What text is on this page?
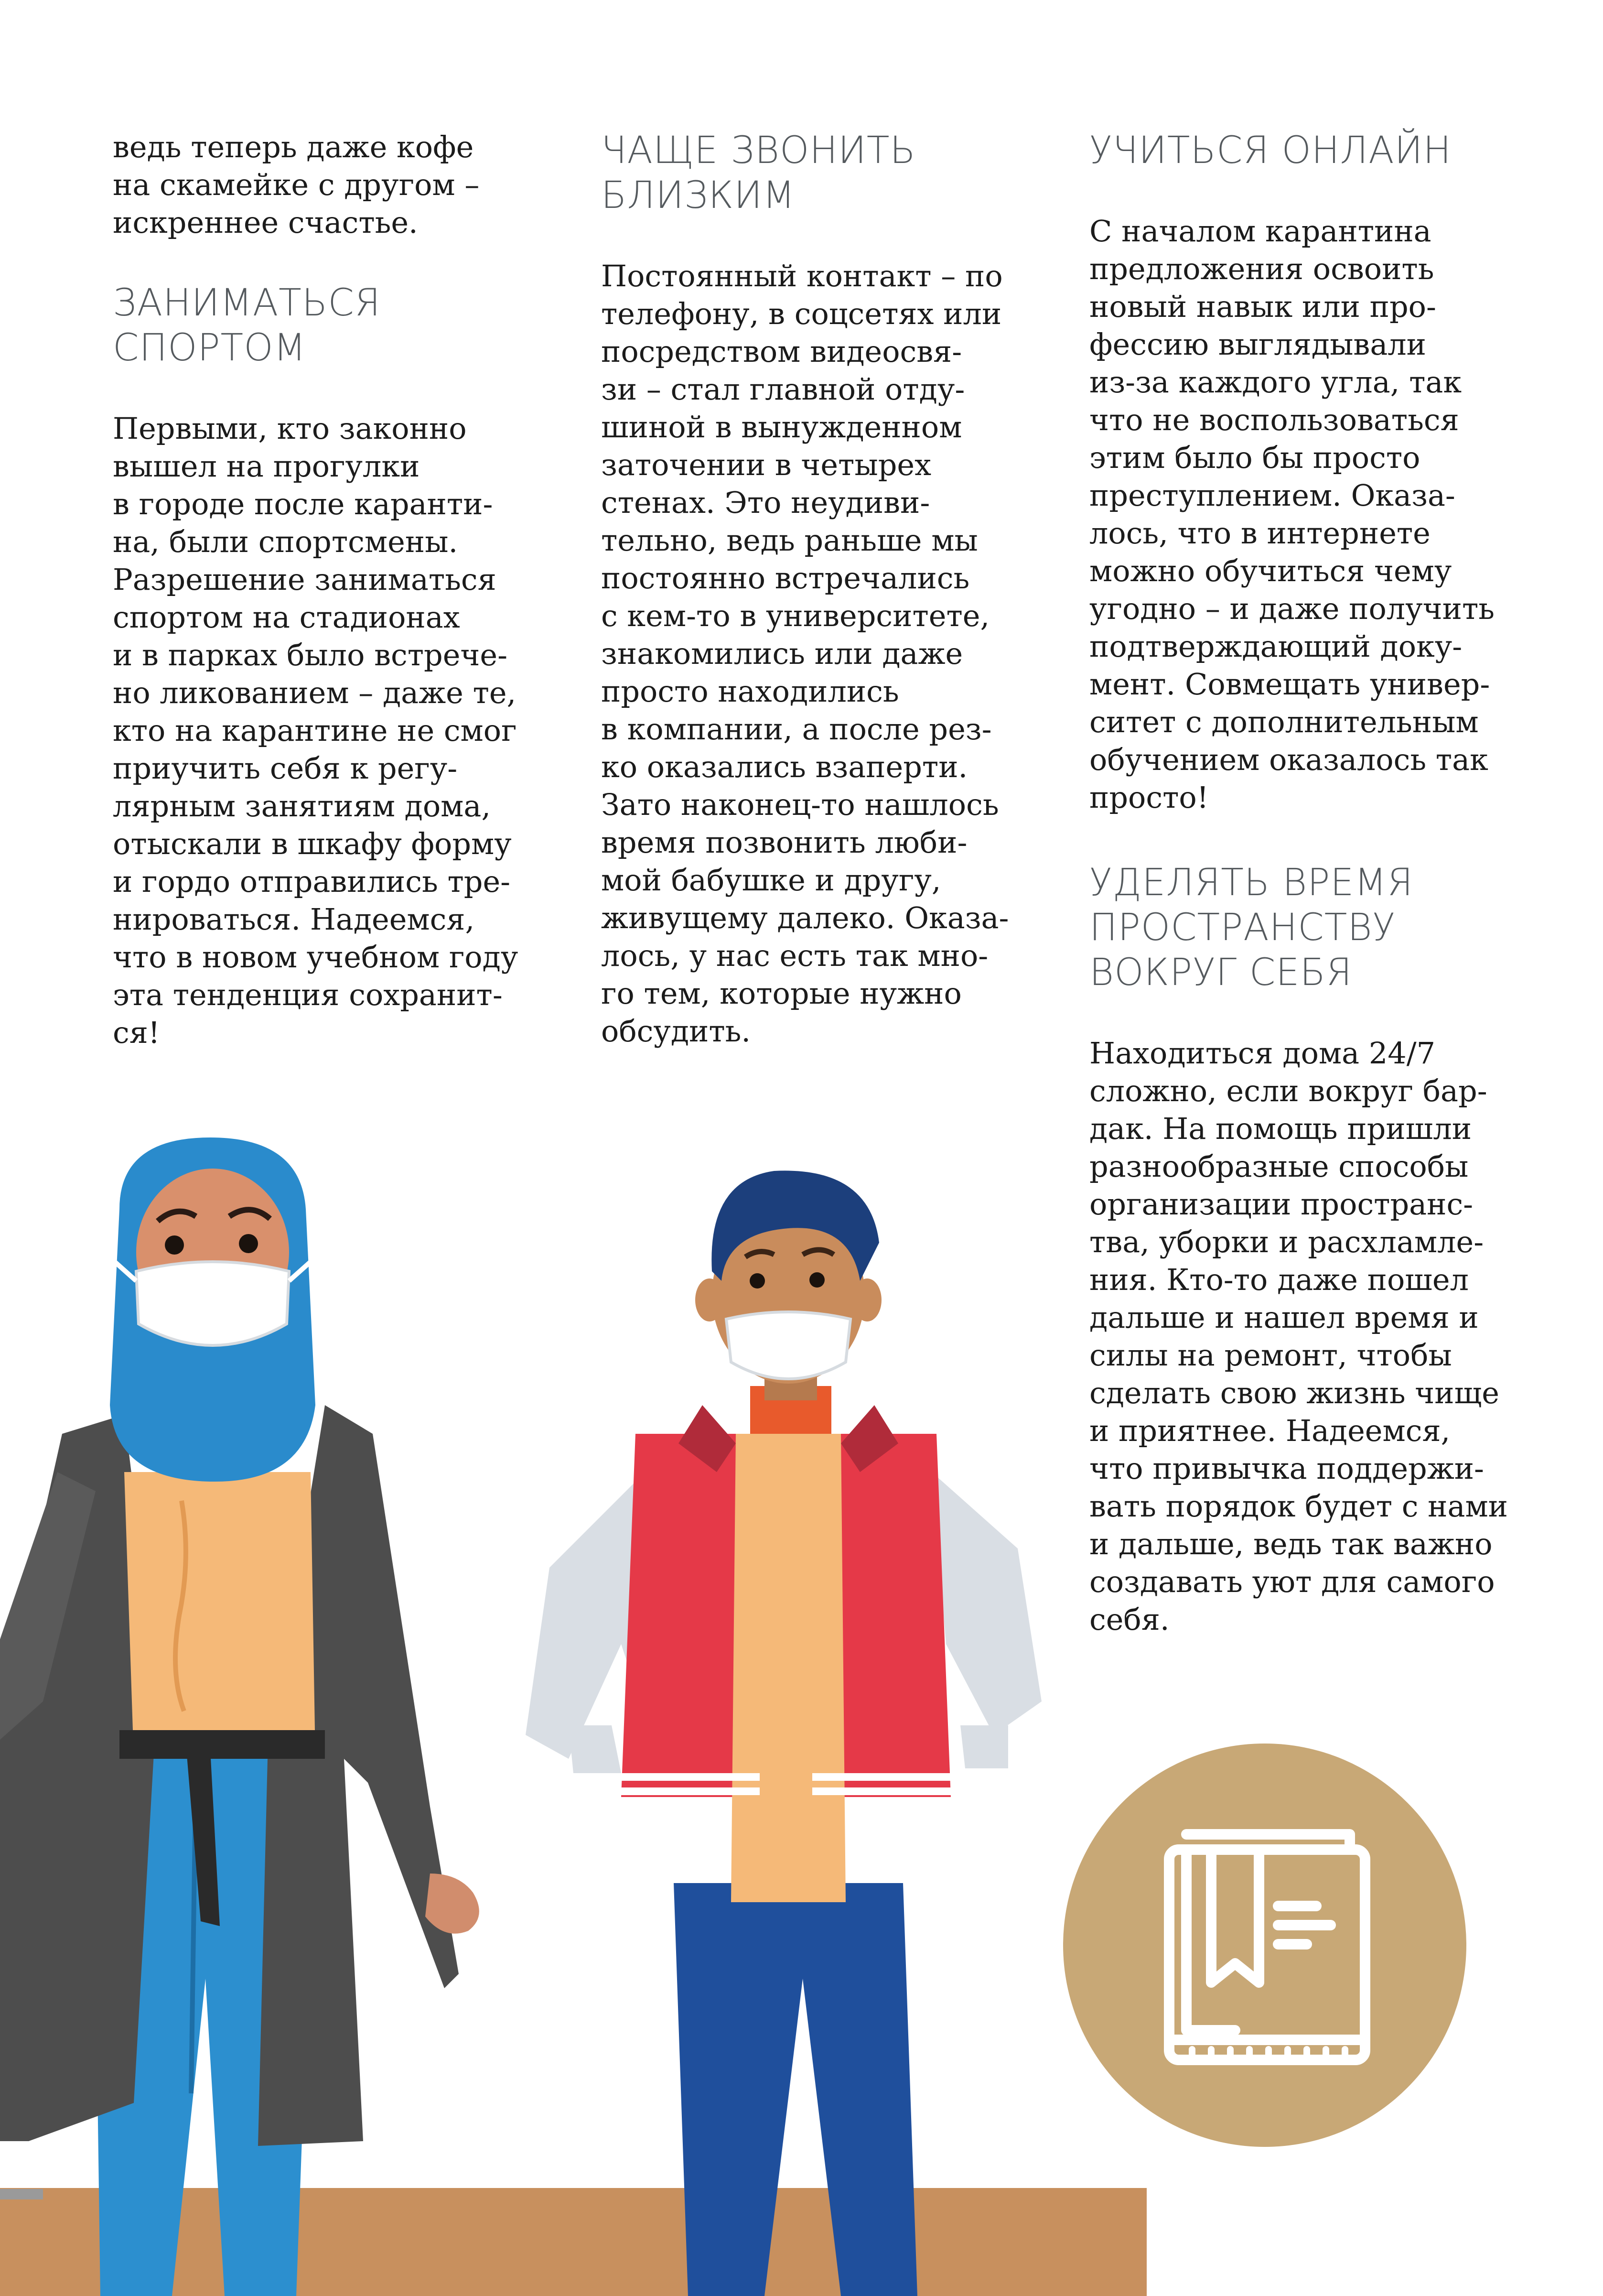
ведь теперь даже кофе
на скамейке с другом –
искреннее счастье.

ЗАНИМАТЬСЯ
СПОРТОМ

Первыми, кто законно
вышел на прогулки
в городе после каранти-
на, были спортсмены.
Разрешение заниматься
спортом на стадионах
и в парках было встрече-
но ликованием – даже те,
кто на карантине не смог
приучить себя к регу-
лярным занятиям дома,
отыскали в шкафу форму
и гордо отправились тре-
нироваться. Надеемся,
что в новом учебном году
эта тенденция сохранит-
ся!

ЧАЩЕ ЗВОНИТЬ
БЛИЗКИМ

Постоянный контакт – по
телефону, в соцсетях или
посредством видеосвя-
зи – стал главной отду-
шиной в вынужденном
заточении в четырех
стенах. Это неудиви-
тельно, ведь раньше мы
постоянно встречались
с кем-то в университете,
знакомились или даже
просто находились
в компании, а после рез-
ко оказались взаперти.
Зато наконец-то нашлось
время позвонить люби-
мой бабушке и другу,
живущему далеко. Оказа-
лось, у нас есть так мно-
го тем, которые нужно
обсудить.

УЧИТЬСЯ ОНЛАЙН

С началом карантина
предложения освоить
новый навык или про-
фессию выглядывали
из-за каждого угла, так
что не воспользоваться
этим было бы просто
преступлением. Оказа-
лось, что в интернете
можно обучиться чему
угодно – и даже получить
подтверждающий доку-
мент. Совмещать универ-
ситет с дополнительным
обучением оказалось так
просто!

УДЕЛЯТЬ ВРЕМЯ
ПРОСТРАНСТВУ
ВОКРУГ СЕБЯ

Находиться дома 24/7
сложно, если вокруг бар-
дак. На помощь пришли
разнообразные способы
организации пространс-
тва, уборки и расхламле-
ния. Кто-то даже пошел
дальше и нашел время и
силы на ремонт, чтобы
сделать свою жизнь чище
и приятнее. Надеемся,
что привычка поддержи-
вать порядок будет с нами
и дальше, ведь так важно
создавать уют для самого
себя.
